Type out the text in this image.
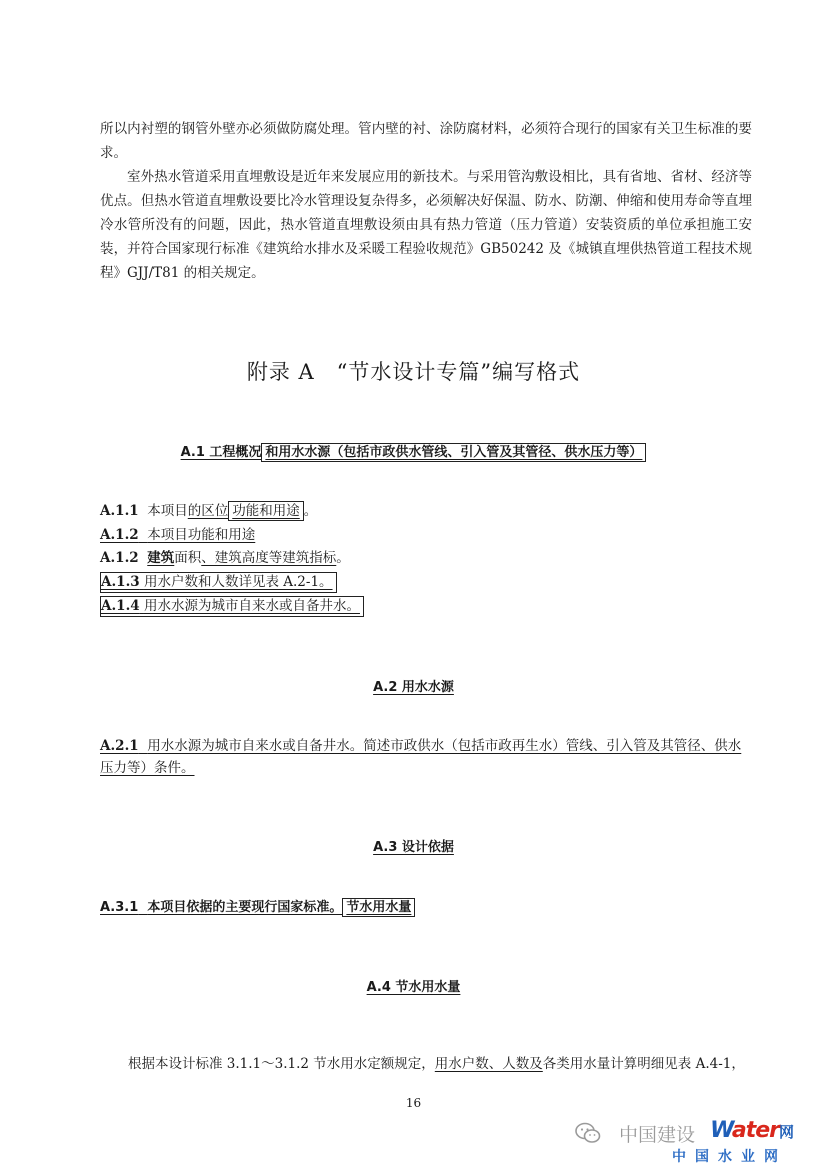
所以内衬塑的钢管外壁亦必须做防腐处理。管内壁的衬、涂防腐材料，必须符合现行的国家有关卫生标准的要求。

室外热水管道采用直埋敷设是近年来发展应用的新技术。与采用管沟敷设相比，具有省地、省材、经济等优点。但热水管道直埋敷设要比冷水管理设复杂得多，必须解决好保温、防水、防潮、伸缩和使用寿命等直埋冷水管所没有的问题，因此，热水管道直埋敷设须由具有热力管道（压力管道）安装资质的单位承担施工安装，并符合国家现行标准《建筑给水排水及采暖工程验收规范》GB50242 及《城镇直埋供热管道工程技术规程》GJJ/T81 的相关规定。

附录 A　“节水设计专篇”编写格式
A.1 工程概况 和用水水源（包括市政供水管线、引入管及其管径、供水压力等）

A.1.1 本项目的区位 功能和用途 。

A.1.2 本项目功能和用途

A.1.2 建筑面积、建筑高度等建筑指标。

A.1.3 用水户数和人数详见表 A.2-1。

A.1.4 用水水源为城市自来水或自备井水。

A.2 用水水源

A.2.1 用水水源为城市自来水或自备井水。简述市政供水（包括市政再生水）管线、引入管及其管径、供水压力等）条件。

A.3 设计依据

A.3.1 本项目依据的主要现行国家标准。 节水用水量

A.4 节水用水量

根据本设计标准 3.1.1～3.1.2 节水用水定额规定，用水户数、人数及各类用水量计算明细见表 A.4-1，

16

中国建设 Water网
中国水业网
